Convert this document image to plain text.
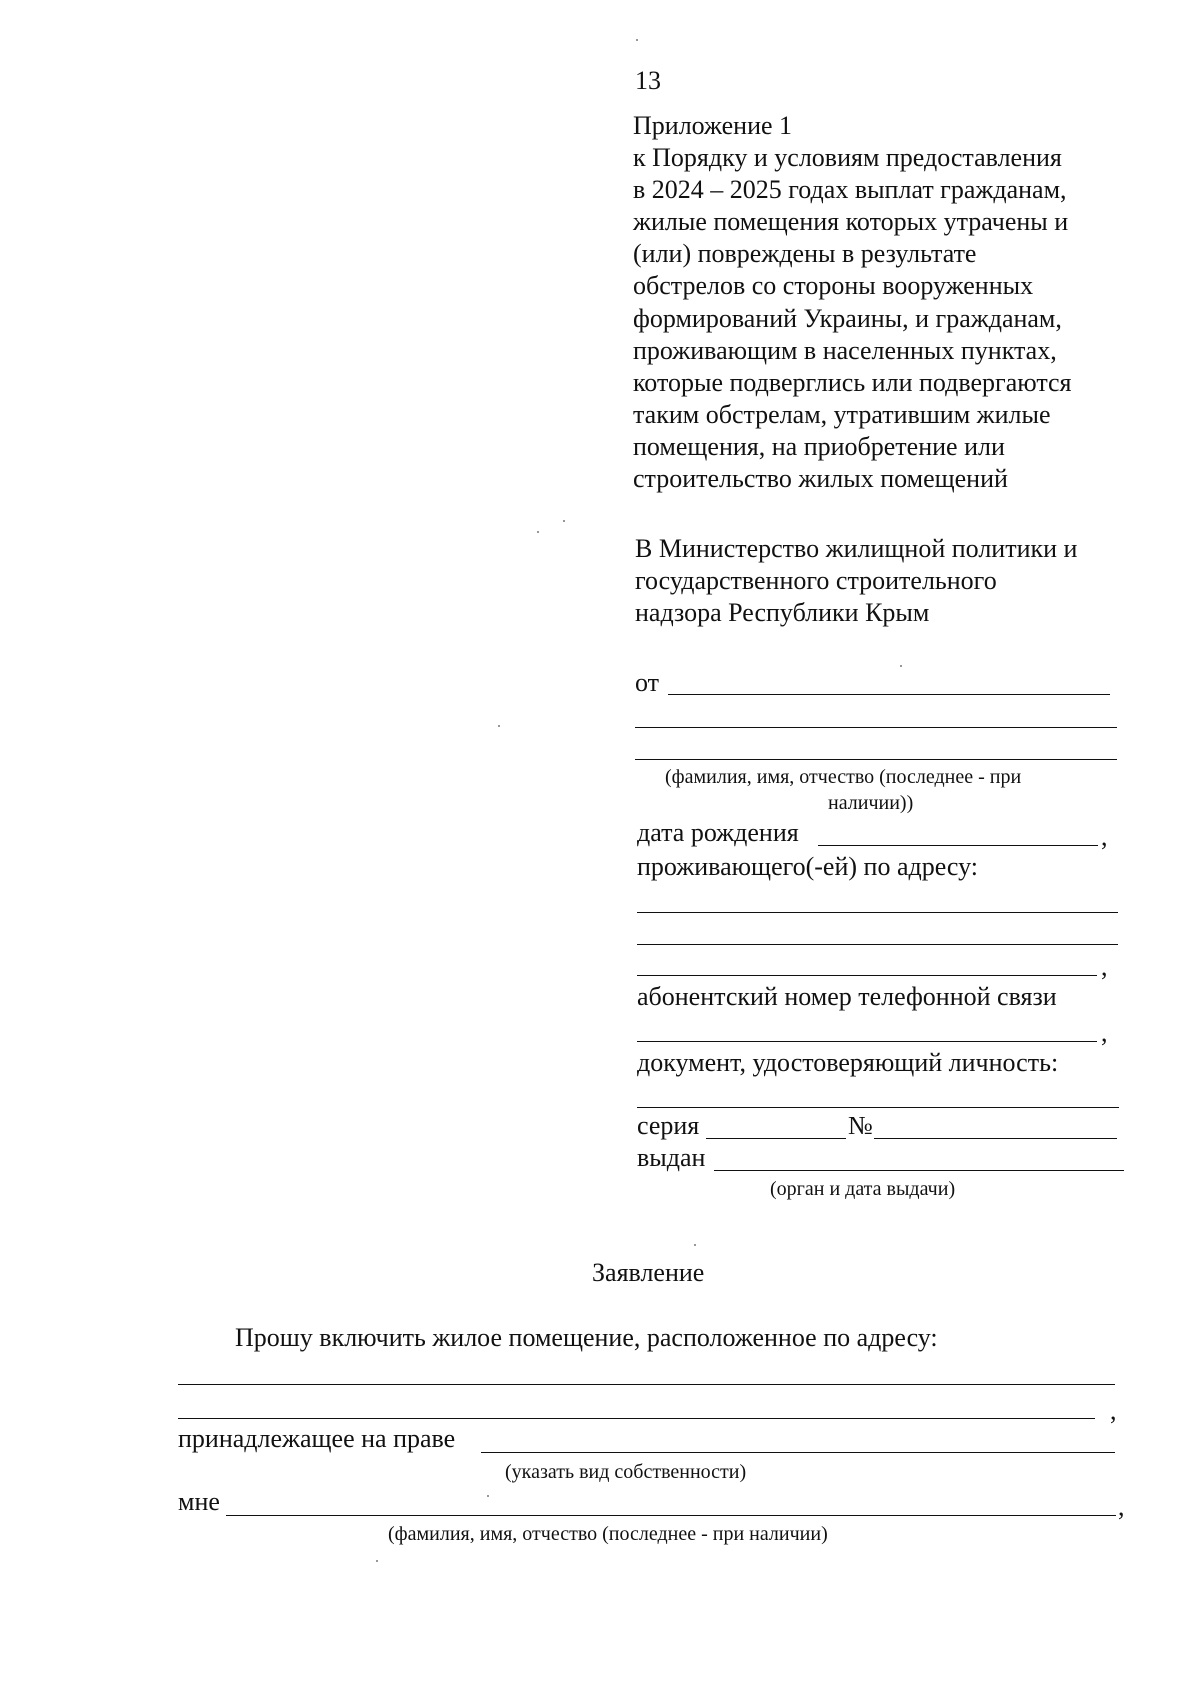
13
Приложение 1
к Порядку и условиям предоставления
в 2024 – 2025 годах выплат гражданам,
жилые помещения которых утрачены и
(или) повреждены в результате
обстрелов со стороны вооруженных
формирований Украины, и гражданам,
проживающим в населенных пунктах,
которые подверглись или подвергаются
таким обстрелам, утратившим жилые
помещения, на приобретение или
строительство жилых помещений
В Министерство жилищной политики и
государственного строительного
надзора Республики Крым
от
(фамилия, имя, отчество (последнее - при
наличии))
дата рождения	,
проживающего(-ей) по адресу:
,
абонентский номер телефонной связи
,
документ, удостоверяющий личность:
серия	№
выдан
(орган и дата выдачи)
Заявление
Прошу включить жилое помещение, расположенное по адресу:
,
принадлежащее на праве
(указать вид собственности)
мне	,
(фамилия, имя, отчество (последнее - при наличии)
